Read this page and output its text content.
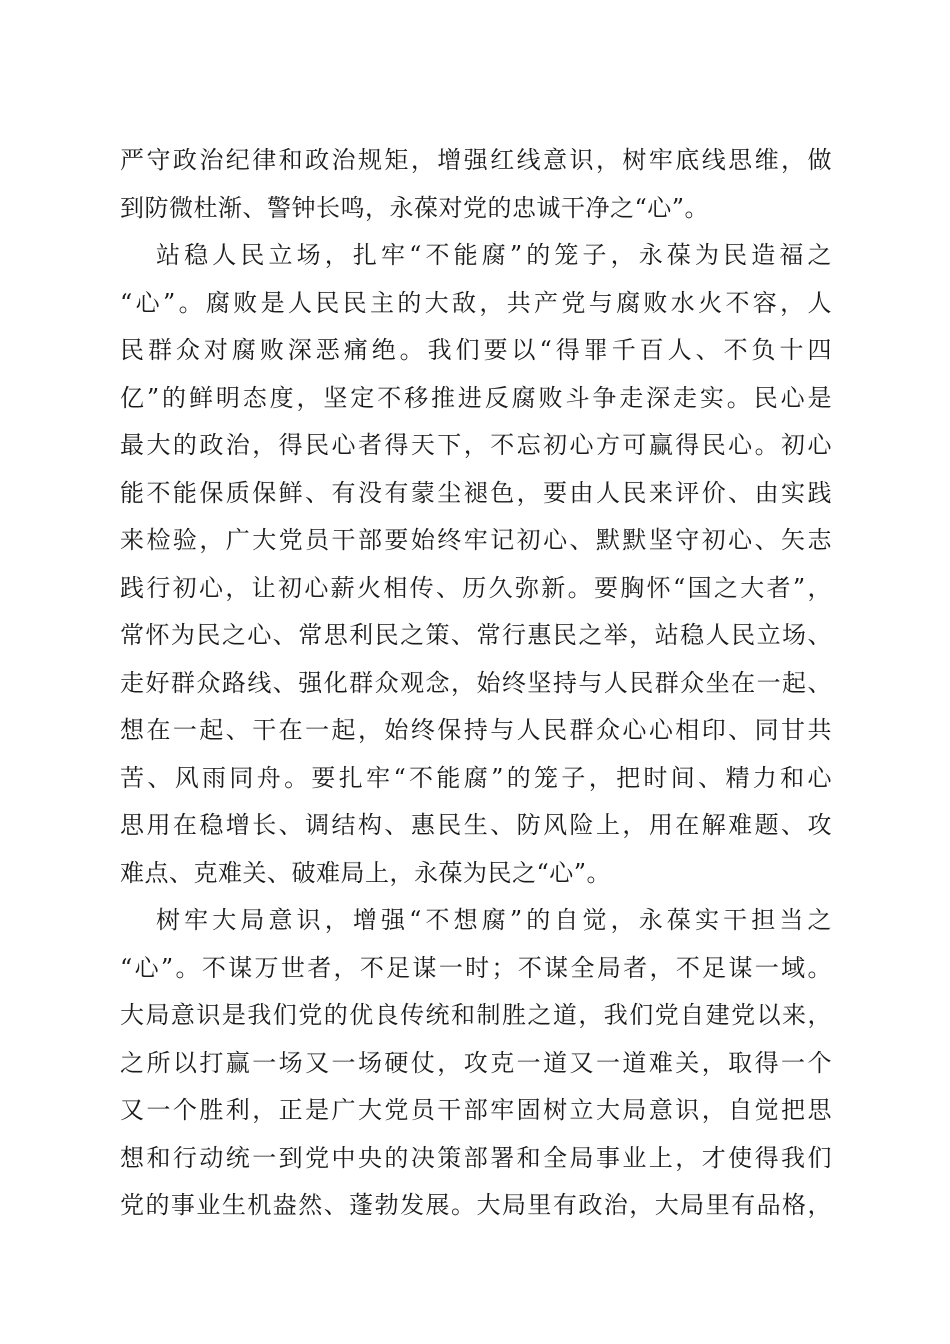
严守政治纪律和政治规矩，增强红线意识，树牢底线思维，做
到防微杜渐、警钟长鸣，永葆对党的忠诚干净之“心”。
站稳人民立场，扎牢“不能腐”的笼子，永葆为民造福之
“心”。腐败是人民民主的大敌，共产党与腐败水火不容，人
民群众对腐败深恶痛绝。我们要以“得罪千百人、不负十四
亿”的鲜明态度，坚定不移推进反腐败斗争走深走实。民心是
最大的政治，得民心者得天下，不忘初心方可赢得民心。初心
能不能保质保鲜、有没有蒙尘褪色，要由人民来评价、由实践
来检验，广大党员干部要始终牢记初心、默默坚守初心、矢志
践行初心，让初心薪火相传、历久弥新。要胸怀“国之大者”，
常怀为民之心、常思利民之策、常行惠民之举，站稳人民立场、
走好群众路线、强化群众观念，始终坚持与人民群众坐在一起、
想在一起、干在一起，始终保持与人民群众心心相印、同甘共
苦、风雨同舟。要扎牢“不能腐”的笼子，把时间、精力和心
思用在稳增长、调结构、惠民生、防风险上，用在解难题、攻
难点、克难关、破难局上，永葆为民之“心”。
树牢大局意识，增强“不想腐”的自觉，永葆实干担当之
“心”。不谋万世者，不足谋一时；不谋全局者，不足谋一域。
大局意识是我们党的优良传统和制胜之道，我们党自建党以来，
之所以打赢一场又一场硬仗，攻克一道又一道难关，取得一个
又一个胜利，正是广大党员干部牢固树立大局意识，自觉把思
想和行动统一到党中央的决策部署和全局事业上，才使得我们
党的事业生机盎然、蓬勃发展。大局里有政治，大局里有品格，
